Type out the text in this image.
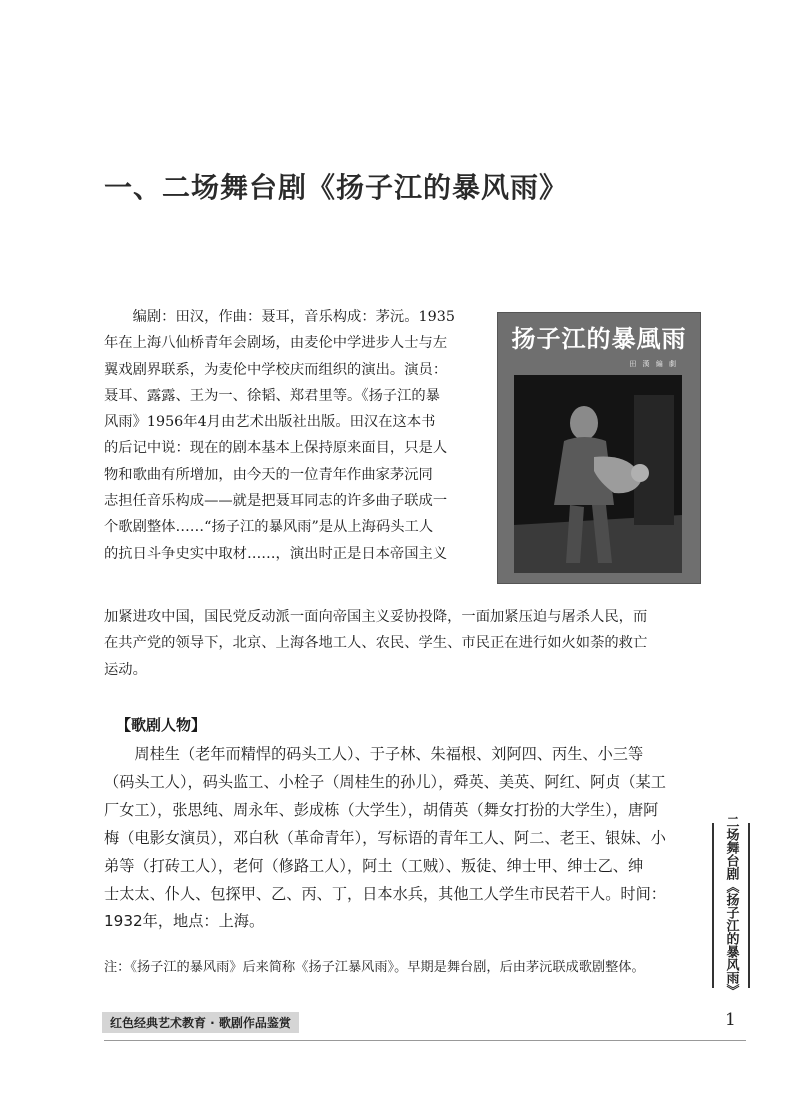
一、二场舞台剧《扬子江的暴风雨》
扬子江的暴風雨
田 漢 編 劇
编剧：田汉，作曲：聂耳，音乐构成：茅沅。1935
年在上海八仙桥青年会剧场，由麦伦中学进步人士与左
翼戏剧界联系，为麦伦中学校庆而组织的演出。演员：
聂耳、露露、王为一、徐韬、郑君里等。《扬子江的暴
风雨》1956年4月由艺术出版社出版。田汉在这本书
的后记中说：现在的剧本基本上保持原来面目，只是人
物和歌曲有所增加，由今天的一位青年作曲家茅沅同
志担任音乐构成——就是把聂耳同志的许多曲子联成一
个歌剧整体……“扬子江的暴风雨”是从上海码头工人
的抗日斗争史实中取材……，演出时正是日本帝国主义
加紧进攻中国，国民党反动派一面向帝国主义妥协投降，一面加紧压迫与屠杀人民，而
在共产党的领导下，北京、上海各地工人、农民、学生、市民正在进行如火如荼的救亡
运动。
【歌剧人物】
周桂生（老年而精悍的码头工人）、于子林、朱福根、刘阿四、丙生、小三等
（码头工人），码头监工、小栓子（周桂生的孙儿），舜英、美英、阿红、阿贞（某工
厂女工），张思纯、周永年、彭成栋（大学生），胡倩英（舞女打扮的大学生），唐阿
梅（电影女演员），邓白秋（革命青年），写标语的青年工人、阿二、老王、银妹、小
弟等（打砖工人），老何（修路工人），阿土（工贼）、叛徒、绅士甲、绅士乙、绅
士太太、仆人、包探甲、乙、丙、丁，日本水兵，其他工人学生市民若干人。时间：
1932年，地点：上海。

注：《扬子江的暴风雨》后来简称《扬子江暴风雨》。早期是舞台剧，后由茅沅联成歌剧整体。	二场舞台剧《扬子江的暴风雨》
红色经典艺术教育 · 歌剧作品鉴赏	1
